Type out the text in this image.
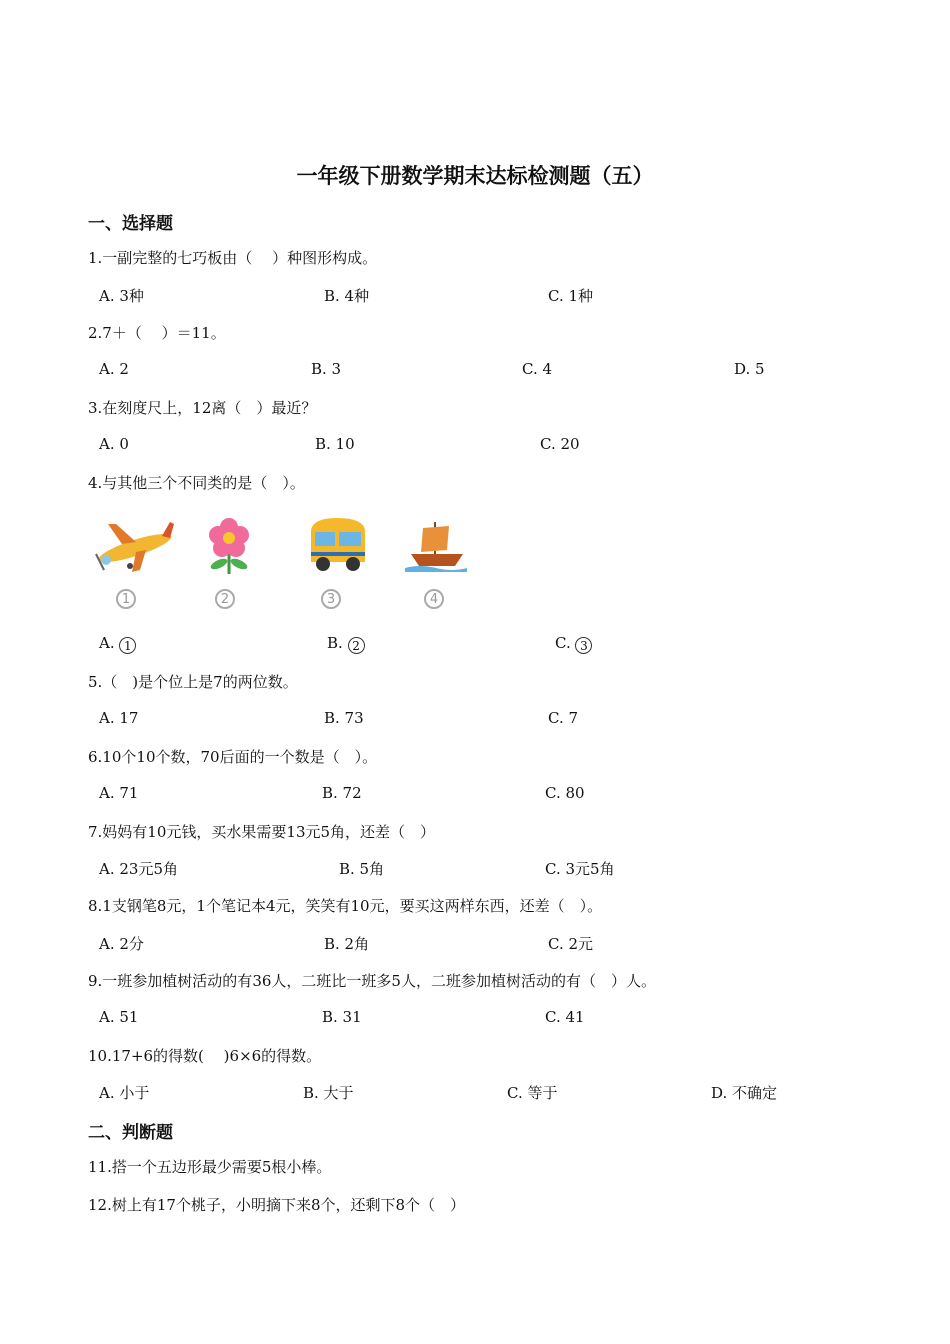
一年级下册数学期末达标检测题（五）
一、选择题
1.一副完整的七巧板由（　 ）种图形构成。
A. 3种	B. 4种	C. 1种
2.7＋（　 ）＝11。
A. 2	B. 3	C. 4	D. 5
3.在刻度尺上，12离（　）最近？
A. 0	B. 10	C. 20
4.与其他三个不同类的是（　）。
1	2	3	4
A. 1	B. 2	C. 3
5.（　)是个位上是7的两位数。
A. 17	B. 73	C. 7
6.10个10个数，70后面的一个数是（　）。
A. 71	B. 72	C. 80
7.妈妈有10元钱，买水果需要13元5角，还差（　）
A. 23元5角	B. 5角	C. 3元5角
8.1支钢笔8元，1个笔记本4元，笑笑有10元，要买这两样东西，还差（　）。
A. 2分	B. 2角	C. 2元
9.一班参加植树活动的有36人，二班比一班多5人，二班参加植树活动的有（　）人。
A. 51	B. 31	C. 41
10.17+6的得数(　 )6×6的得数。
A. 小于	B. 大于	C. 等于	D. 不确定
二、判断题
11.搭一个五边形最少需要5根小棒。
12.树上有17个桃子，小明摘下来8个，还剩下8个（　）
